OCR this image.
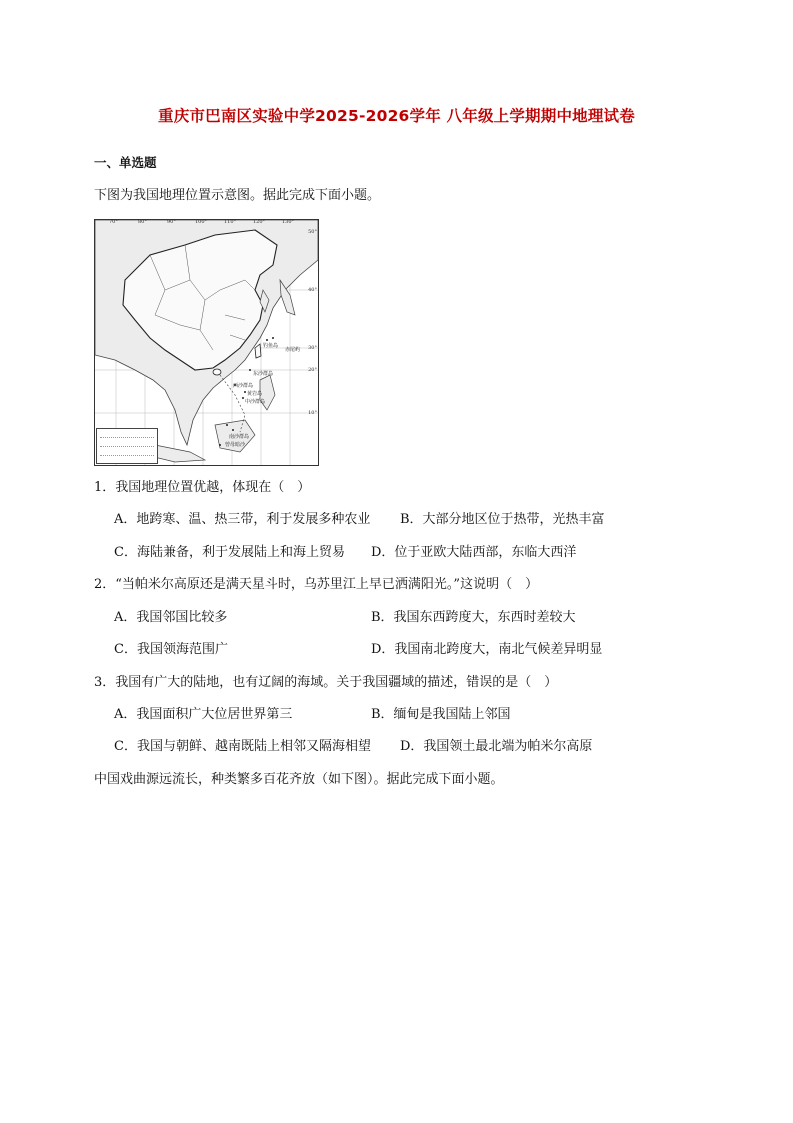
重庆市巴南区实验中学2025-2026学年 八年级上学期期中地理试卷
一、单选题
下图为我国地理位置示意图。据此完成下面小题。
70°	80°	90°	100°	110°	120°	130°
50°
40°
30°
20°
10°
钓鱼岛
赤尾屿
西沙群岛
东沙群岛
黄岩岛
中沙群岛
南沙群岛
曾母暗沙
1．我国地理位置优越，体现在（　）
A．地跨寒、温、热三带，利于发展多种农业 B．大部分地区位于热带，光热丰富
C．海陆兼备，利于发展陆上和海上贸易 D．位于亚欧大陆西部，东临大西洋
2．“当帕米尔高原还是满天星斗时，乌苏里江上早已洒满阳光。”这说明（　）
A．我国邻国比较多	B．我国东西跨度大，东西时差较大
C．我国领海范围广	D．我国南北跨度大，南北气候差异明显
3．我国有广大的陆地，也有辽阔的海域。关于我国疆域的描述，错误的是（　）
A．我国面积广大位居世界第三	B．缅甸是我国陆上邻国
C．我国与朝鲜、越南既陆上相邻又隔海相望 D．我国领土最北端为帕米尔高原
中国戏曲源远流长，种类繁多百花齐放（如下图）。据此完成下面小题。
